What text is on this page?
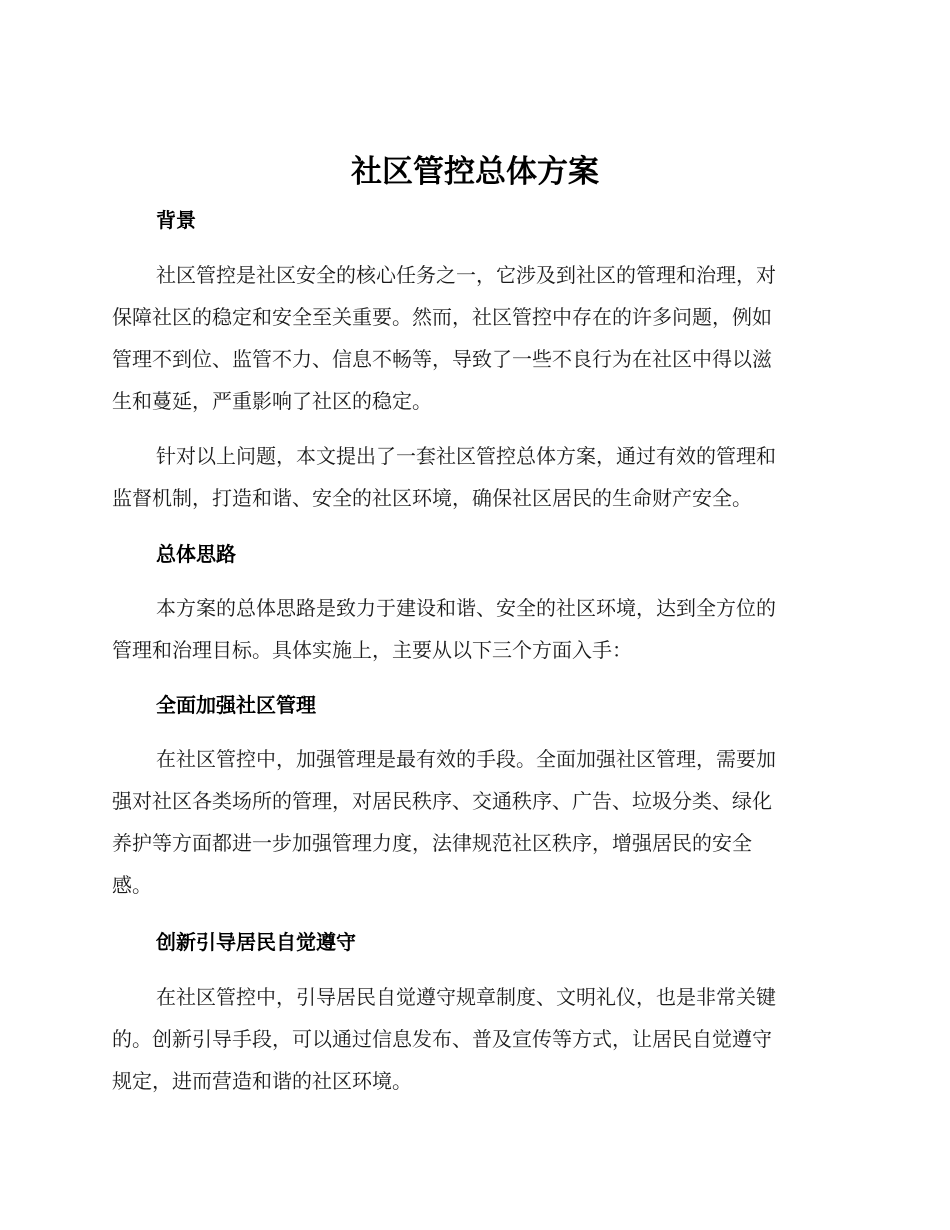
社区管控总体方案
背景

社区管控是社区安全的核心任务之一，它涉及到社区的管理和治理，对
保障社区的稳定和安全至关重要。然而，社区管控中存在的许多问题，例如
管理不到位、监管不力、信息不畅等，导致了一些不良行为在社区中得以滋
生和蔓延，严重影响了社区的稳定。

针对以上问题，本文提出了一套社区管控总体方案，通过有效的管理和
监督机制，打造和谐、安全的社区环境，确保社区居民的生命财产安全。

总体思路

本方案的总体思路是致力于建设和谐、安全的社区环境，达到全方位的
管理和治理目标。具体实施上，主要从以下三个方面入手：

全面加强社区管理

在社区管控中，加强管理是最有效的手段。全面加强社区管理，需要加
强对社区各类场所的管理，对居民秩序、交通秩序、广告、垃圾分类、绿化
养护等方面都进一步加强管理力度，法律规范社区秩序，增强居民的安全
感。

创新引导居民自觉遵守

在社区管控中，引导居民自觉遵守规章制度、文明礼仪，也是非常关键
的。创新引导手段，可以通过信息发布、普及宣传等方式，让居民自觉遵守
规定，进而营造和谐的社区环境。
